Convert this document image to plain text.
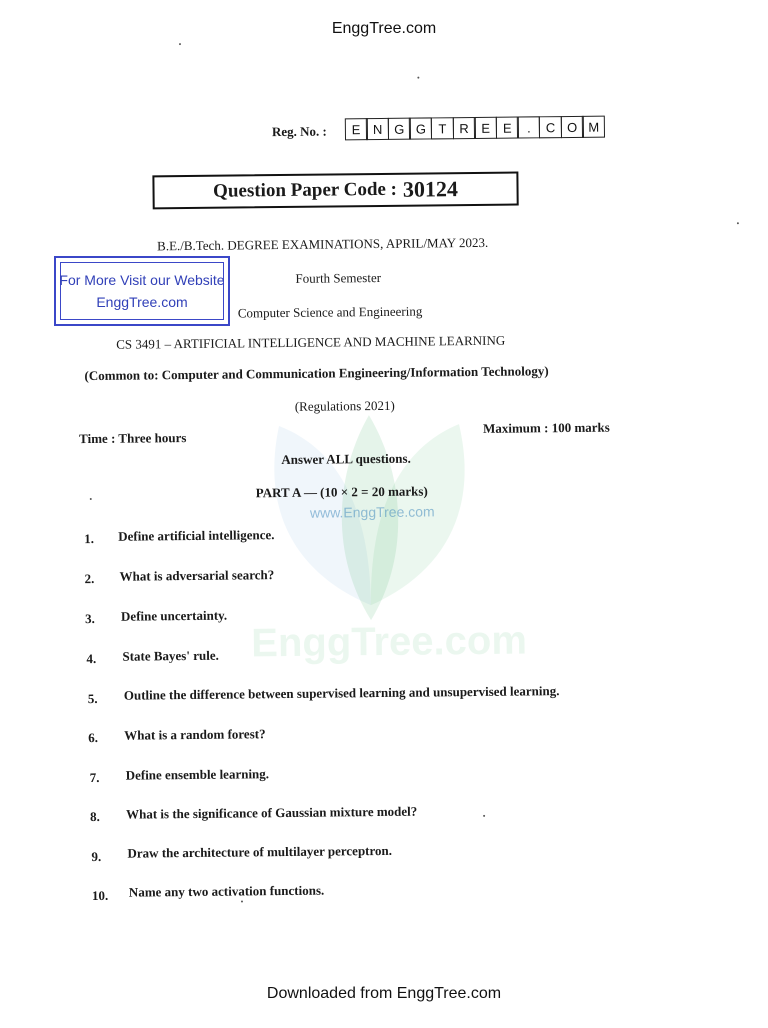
EnggTree.com
www.EnggTree.com
EnggTree.com
Reg. No. :	E N G G T R E E	.	C O M
Question Paper Code : 30124
B.E./B.Tech. DEGREE EXAMINATIONS, APRIL/MAY 2023.
Fourth Semester
Computer Science and Engineering
CS 3491 – ARTIFICIAL INTELLIGENCE AND MACHINE LEARNING
(Common to: Computer and Communication Engineering/Information Technology)
(Regulations 2021)
Time : Three hours
Maximum : 100 marks
Answer ALL questions.
PART A — (10 × 2 = 20 marks)
1. Define artificial intelligence.
2. What is adversarial search?
3. Define uncertainty.
4. State Bayes' rule.
5. Outline the difference between supervised learning and unsupervised learning.
6. What is a random forest?
7. Define ensemble learning.
8. What is the significance of Gaussian mixture model?
9. Draw the architecture of multilayer perceptron.
10. Name any two activation functions.
For More Visit our Website
EnggTree.com
Downloaded from EnggTree.com
